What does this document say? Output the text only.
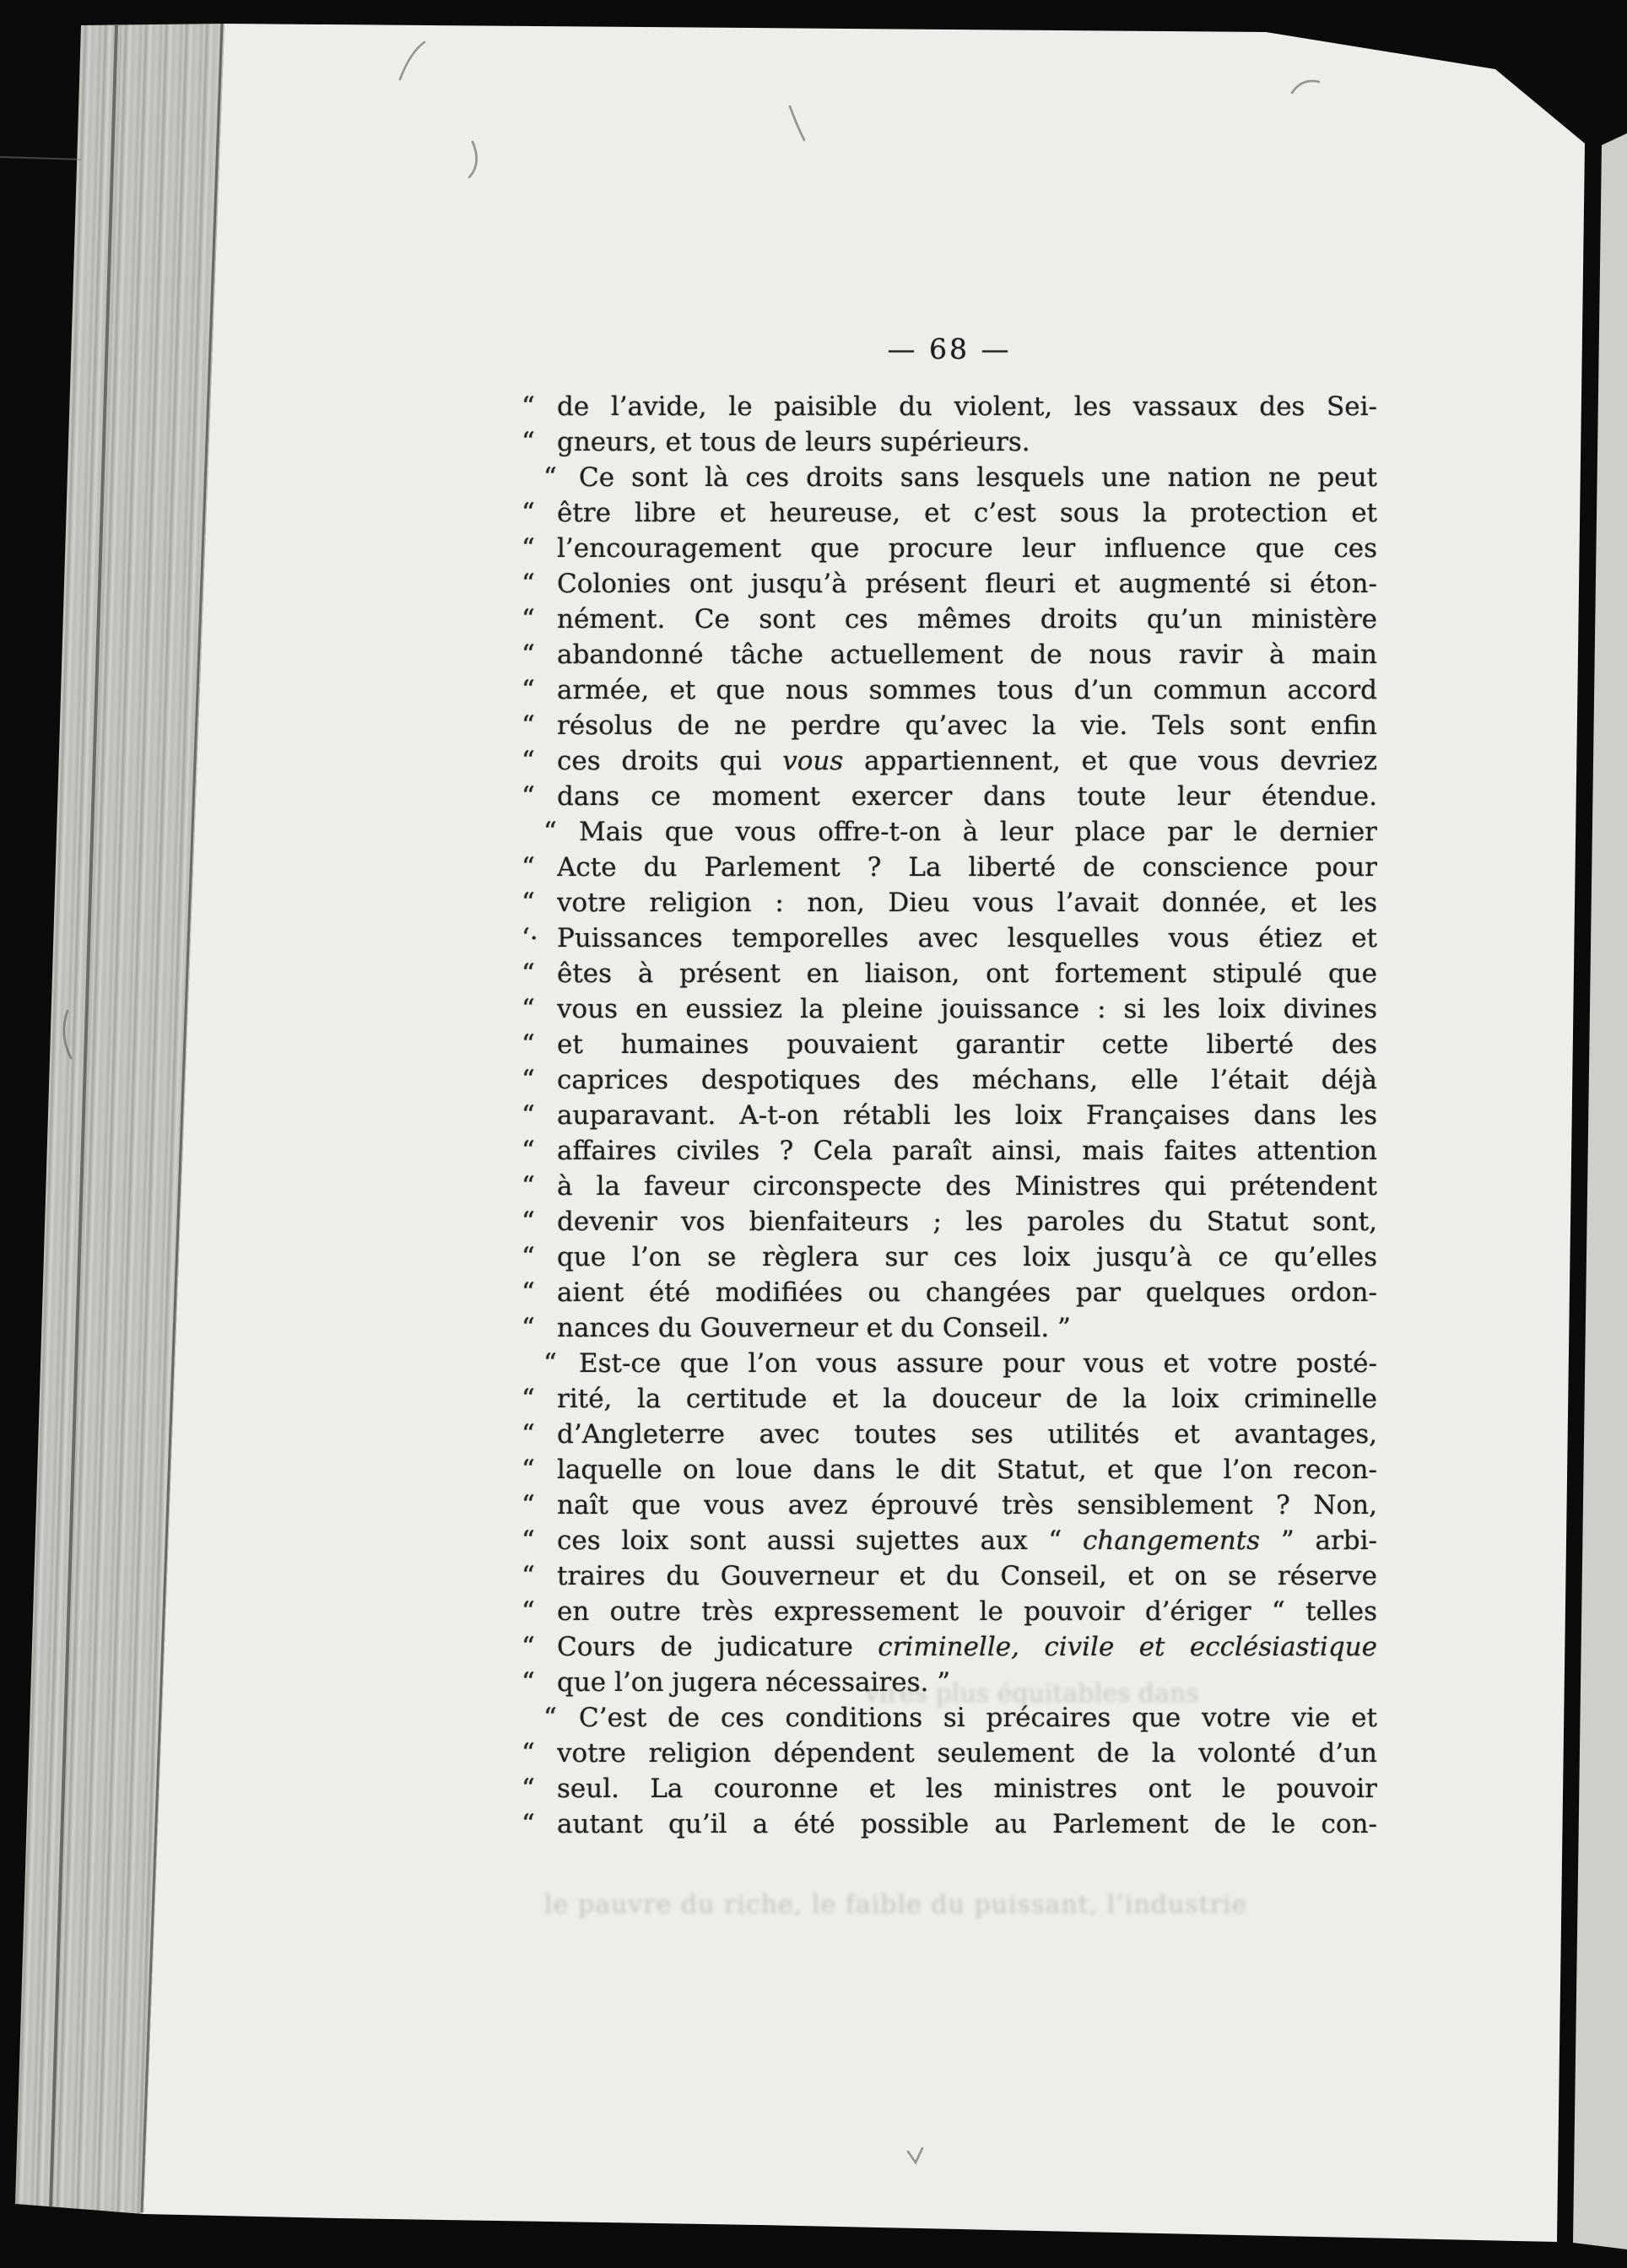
— 68 —
“ de l’avide, le paisible du violent, les vassaux des Sei-
“ gneurs, et tous de leurs supérieurs.
“ Ce sont là ces droits sans lesquels une nation ne peut
“ être libre et heureuse, et c’est sous la protection et
“ l’encouragement que procure leur influence que ces
“ Colonies ont jusqu’à présent fleuri et augmenté si éton-
“ nément. Ce sont ces mêmes droits qu’un ministère
“ abandonné tâche actuellement de nous ravir à main
“ armée, et que nous sommes tous d’un commun accord
“ résolus de ne perdre qu’avec la vie. Tels sont enfin
“ ces droits qui vous appartiennent, et que vous devriez
“ dans ce moment exercer dans toute leur étendue.
“ Mais que vous offre-t-on à leur place par le dernier
“ Acte du Parlement ? La liberté de conscience pour
“ votre religion : non, Dieu vous l’avait donnée, et les
‘· Puissances temporelles avec lesquelles vous étiez et
“ êtes à présent en liaison, ont fortement stipulé que
“ vous en eussiez la pleine jouissance : si les loix divines
“ et humaines pouvaient garantir cette liberté des
“ caprices despotiques des méchans, elle l’était déjà
“ auparavant. A-t-on rétabli les loix Françaises dans les
“ affaires civiles ? Cela paraît ainsi, mais faites attention
“ à la faveur circonspecte des Ministres qui prétendent
“ devenir vos bienfaiteurs ; les paroles du Statut sont,
“ que l’on se règlera sur ces loix jusqu’à ce qu’elles
“ aient été modifiées ou changées par quelques ordon-
“ nances du Gouverneur et du Conseil. ”
“ Est-ce que l’on vous assure pour vous et votre posté-
“ rité, la certitude et la douceur de la loix criminelle
“ d’Angleterre avec toutes ses utilités et avantages,
“ laquelle on loue dans le dit Statut, et que l’on recon-
“ naît que vous avez éprouvé très sensiblement ? Non,
“ ces loix sont aussi sujettes aux “ changements ” arbi-
“ traires du Gouverneur et du Conseil, et on se réserve
“ en outre très expressement le pouvoir d’ériger “ telles
“ Cours de judicature criminelle, civile et ecclésiastique
“ que l’on jugera nécessaires. ”
“ C’est de ces conditions si précaires que votre vie et
“ votre religion dépendent seulement de la volonté d’un
“ seul. La couronne et les ministres ont le pouvoir
“ autant qu’il a été possible au Parlement de le con-
vires plus équitables dans
le pauvre du riche, le faible du puissant, l’industrie
